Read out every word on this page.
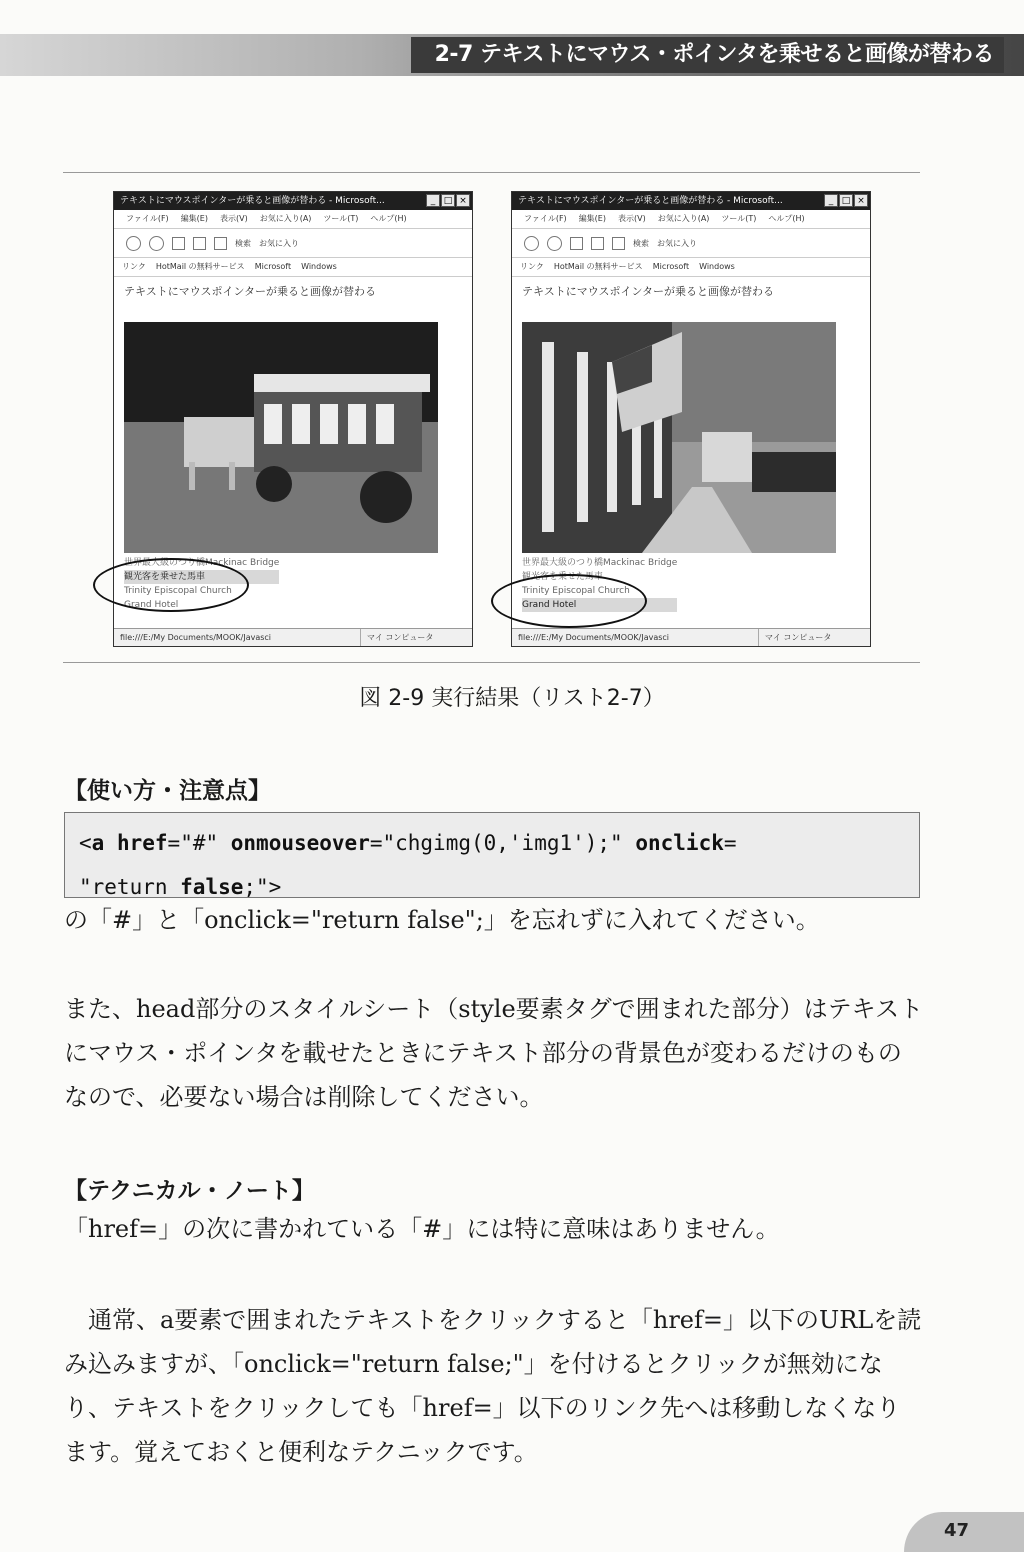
2-7 テキストにマウス・ポインタを乗せると画像が替わる
テキストにマウスポインターが乗ると画像が替わる - Microsoft...	_ □ ×
ファイル(F) 編集(E) 表示(V) お気に入り(A) ツール(T) ヘルプ(H)
検索 お気に入り
リンク HotMail の無料サービス Microsoft Windows
テキストにマウスポインターが乗ると画像が替わる
世界最大級のつり橋Mackinac Bridge
観光客を乗せた馬車
Trinity Episcopal Church
Grand Hotel
file:///E:/My Documents/MOOK/Javasci	マイ コンピュータ
テキストにマウスポインターが乗ると画像が替わる - Microsoft...	_ □ ×
ファイル(F) 編集(E) 表示(V) お気に入り(A) ツール(T) ヘルプ(H)
検索 お気に入り
リンク HotMail の無料サービス Microsoft Windows
テキストにマウスポインターが乗ると画像が替わる
世界最大級のつり橋Mackinac Bridge
観光客を乗せた馬車
Trinity Episcopal Church
Grand Hotel
file:///E:/My Documents/MOOK/Javasci	マイ コンピュータ
図 2-9 実行結果（リスト2-7）
【使い方・注意点】
<a href="#" onmouseover="chgimg(0,'img1');" onclick=
"return false;">
の「#」と「onclick="return false";」を忘れずに入れてください。
また、head部分のスタイルシート（style要素タグで囲まれた部分）はテキストにマウス・ポインタを載せたときにテキスト部分の背景色が変わるだけのものなので、必要ない場合は削除してください。
【テクニカル・ノート】
「href=」の次に書かれている「#」には特に意味はありません。
通常、a要素で囲まれたテキストをクリックすると「href=」以下のURLを読み込みますが、「onclick="return false;"」を付けるとクリックが無効になり、テキストをクリックしても「href=」以下のリンク先へは移動しなくなります。覚えておくと便利なテクニックです。
47
